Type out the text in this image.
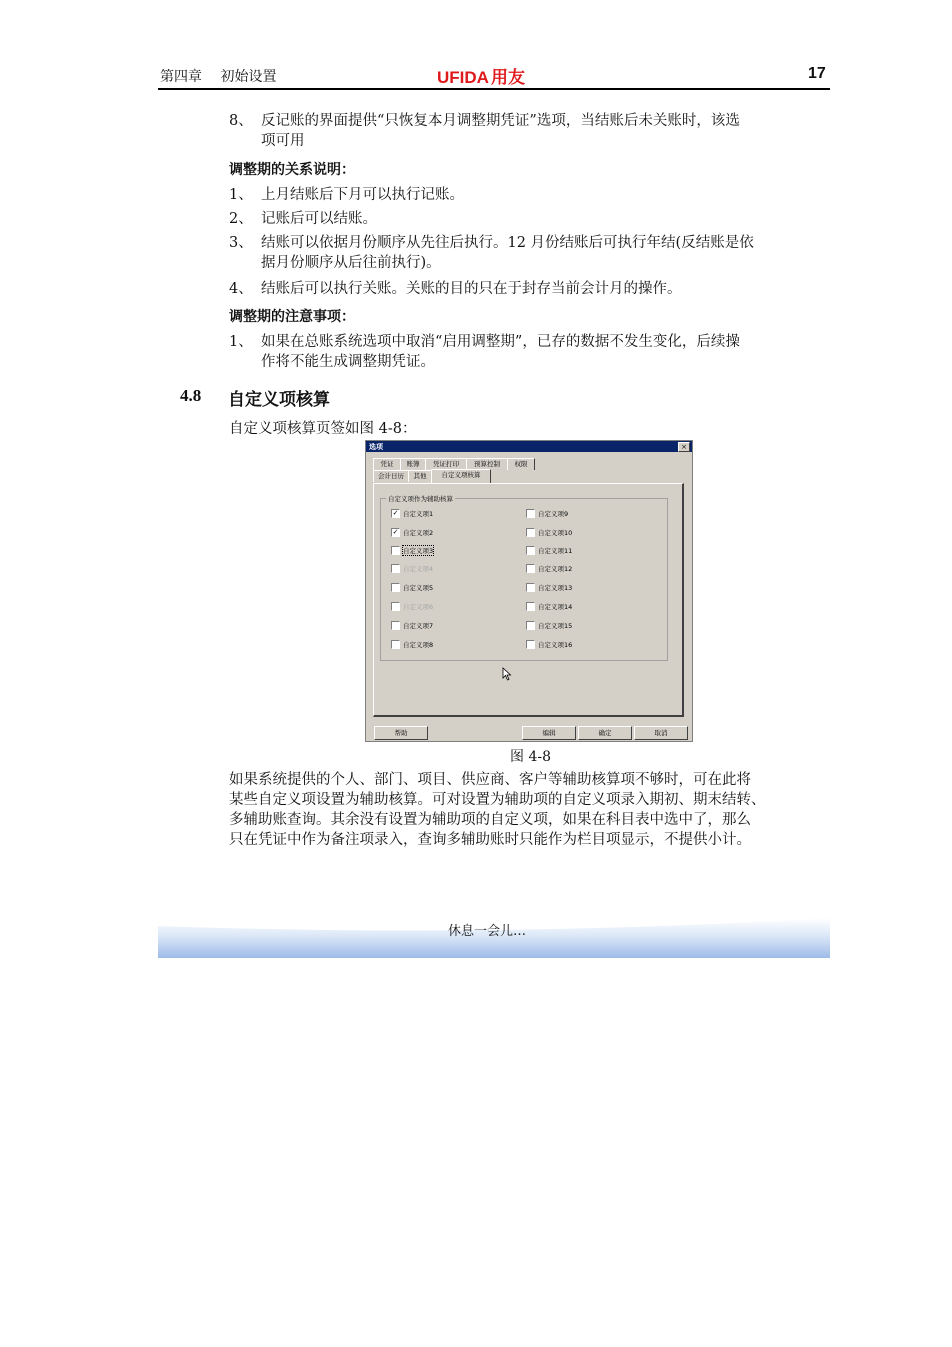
第四章 初始设置	UFIDA 用友	17
8、 反记账的界面提供“只恢复本月调整期凭证”选项，当结账后未关账时，该选
项可用
调整期的关系说明：
1、 上月结账后下月可以执行记账。
2、 记账后可以结账。
3、 结账可以依据月份顺序从先往后执行。12 月份结账后可执行年结(反结账是依
据月份顺序从后往前执行)。
4、 结账后可以执行关账。关账的目的只在于封存当前会计月的操作。
调整期的注意事项：
1、 如果在总账系统选项中取消“启用调整期”，已存的数据不发生变化，后续操
作将不能生成调整期凭证。
4.8 自定义项核算
自定义项核算页签如图 4-8：
选项	×
凭证	账簿	凭证打印	预算控制	权限
会计日历	其他	自定义项核算
自定义项作为辅助核算
✓ 自定义项1
✓ 自定义项2
自定义项3
自定义项4
自定义项5
自定义项6
自定义项7
自定义项8
自定义项9
自定义项10
自定义项11
自定义项12
自定义项13
自定义项14
自定义项15
自定义项16
帮助	编辑	确定	取消
图 4-8
如果系统提供的个人、部门、项目、供应商、客户等辅助核算项不够时，可在此将
某些自定义项设置为辅助核算。可对设置为辅助项的自定义项录入期初、期末结转、
多辅助账查询。其余没有设置为辅助项的自定义项，如果在科目表中选中了，那么
只在凭证中作为备注项录入，查询多辅助账时只能作为栏目项显示，不提供小计。
休息一会儿…
